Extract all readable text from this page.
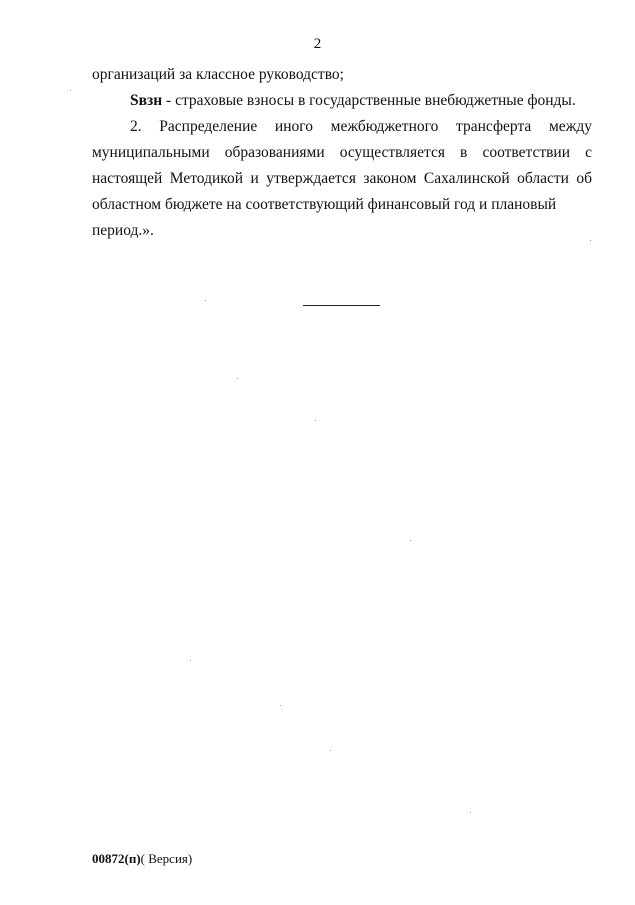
2
организаций за классное руководство;
Sвзн - страховые взносы в государственные внебюджетные фонды.
2. Распределение иного межбюджетного трансферта между муниципальными образованиями осуществляется в соответствии с настоящей Методикой и утверждается законом Сахалинской области об областном бюджете на соответствующий финансовый год и плановый
период.».
00872(п)( Версия)
